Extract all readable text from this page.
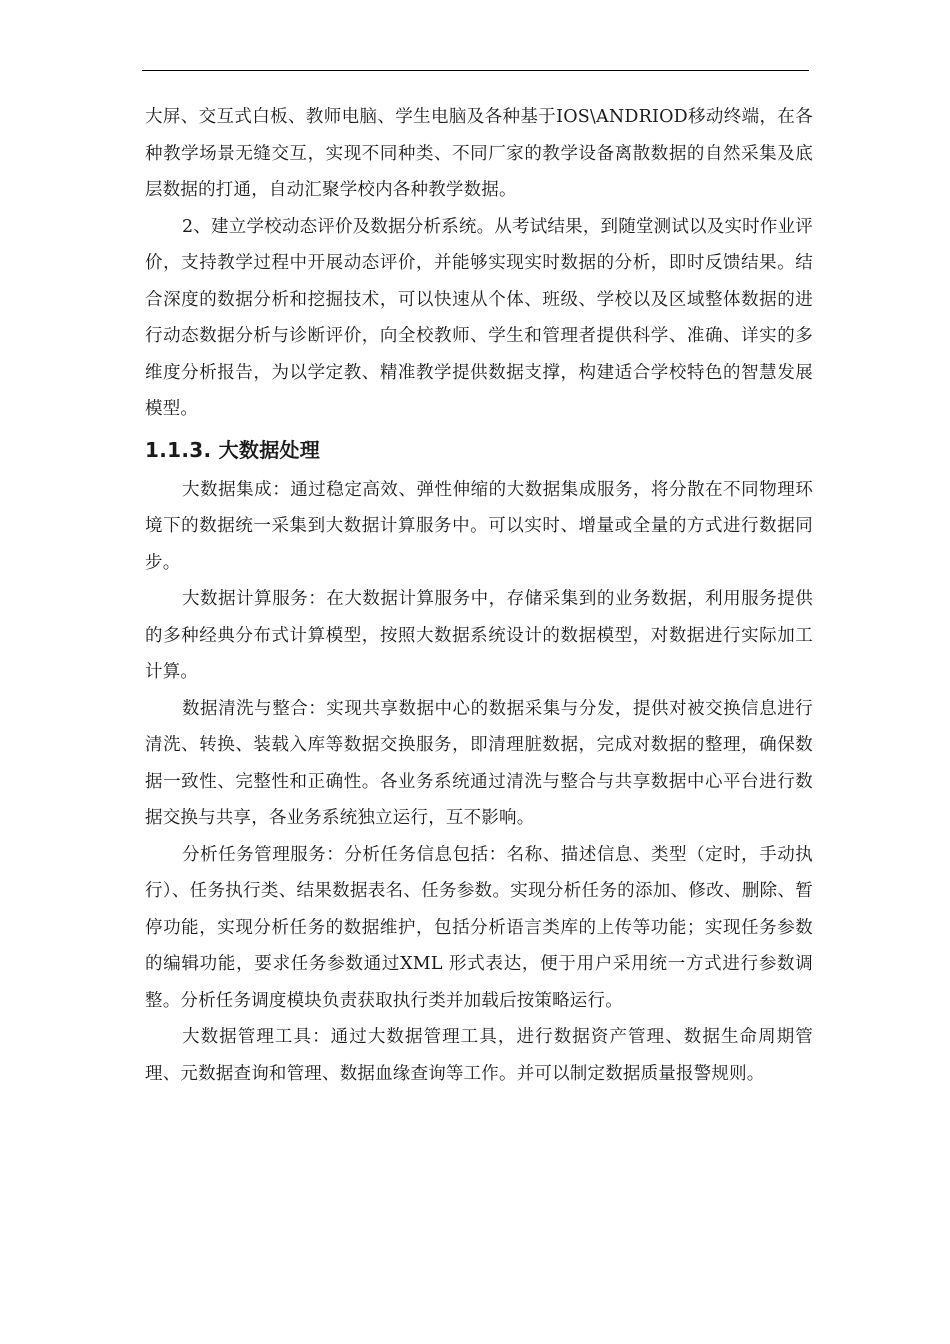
大屏、交互式白板、教师电脑、学生电脑及各种基于IOS\ANDRIOD移动终端，在各种教学场景无缝交互，实现不同种类、不同厂家的教学设备离散数据的自然采集及底层数据的打通，自动汇聚学校内各种教学数据。

2、建立学校动态评价及数据分析系统。从考试结果，到随堂测试以及实时作业评价，支持教学过程中开展动态评价，并能够实现实时数据的分析，即时反馈结果。结合深度的数据分析和挖掘技术，可以快速从个体、班级、学校以及区域整体数据的进行动态数据分析与诊断评价，向全校教师、学生和管理者提供科学、准确、详实的多维度分析报告，为以学定教、精准教学提供数据支撑，构建适合学校特色的智慧发展模型。

1.1.3. 大数据处理

大数据集成：通过稳定高效、弹性伸缩的大数据集成服务，将分散在不同物理环境下的数据统一采集到大数据计算服务中。可以实时、增量或全量的方式进行数据同步。

大数据计算服务：在大数据计算服务中，存储采集到的业务数据，利用服务提供的多种经典分布式计算模型，按照大数据系统设计的数据模型，对数据进行实际加工计算。

数据清洗与整合：实现共享数据中心的数据采集与分发，提供对被交换信息进行清洗、转换、装载入库等数据交换服务，即清理脏数据，完成对数据的整理，确保数据一致性、完整性和正确性。各业务系统通过清洗与整合与共享数据中心平台进行数据交换与共享，各业务系统独立运行，互不影响。

分析任务管理服务：分析任务信息包括：名称、描述信息、类型（定时，手动执行）、任务执行类、结果数据表名、任务参数。实现分析任务的添加、修改、删除、暂停功能，实现分析任务的数据维护，包括分析语言类库的上传等功能；实现任务参数的编辑功能，要求任务参数通过XML 形式表达，便于用户采用统一方式进行参数调整。分析任务调度模块负责获取执行类并加载后按策略运行。

大数据管理工具：通过大数据管理工具，进行数据资产管理、数据生命周期管理、元数据查询和管理、数据血缘查询等工作。并可以制定数据质量报警规则。
